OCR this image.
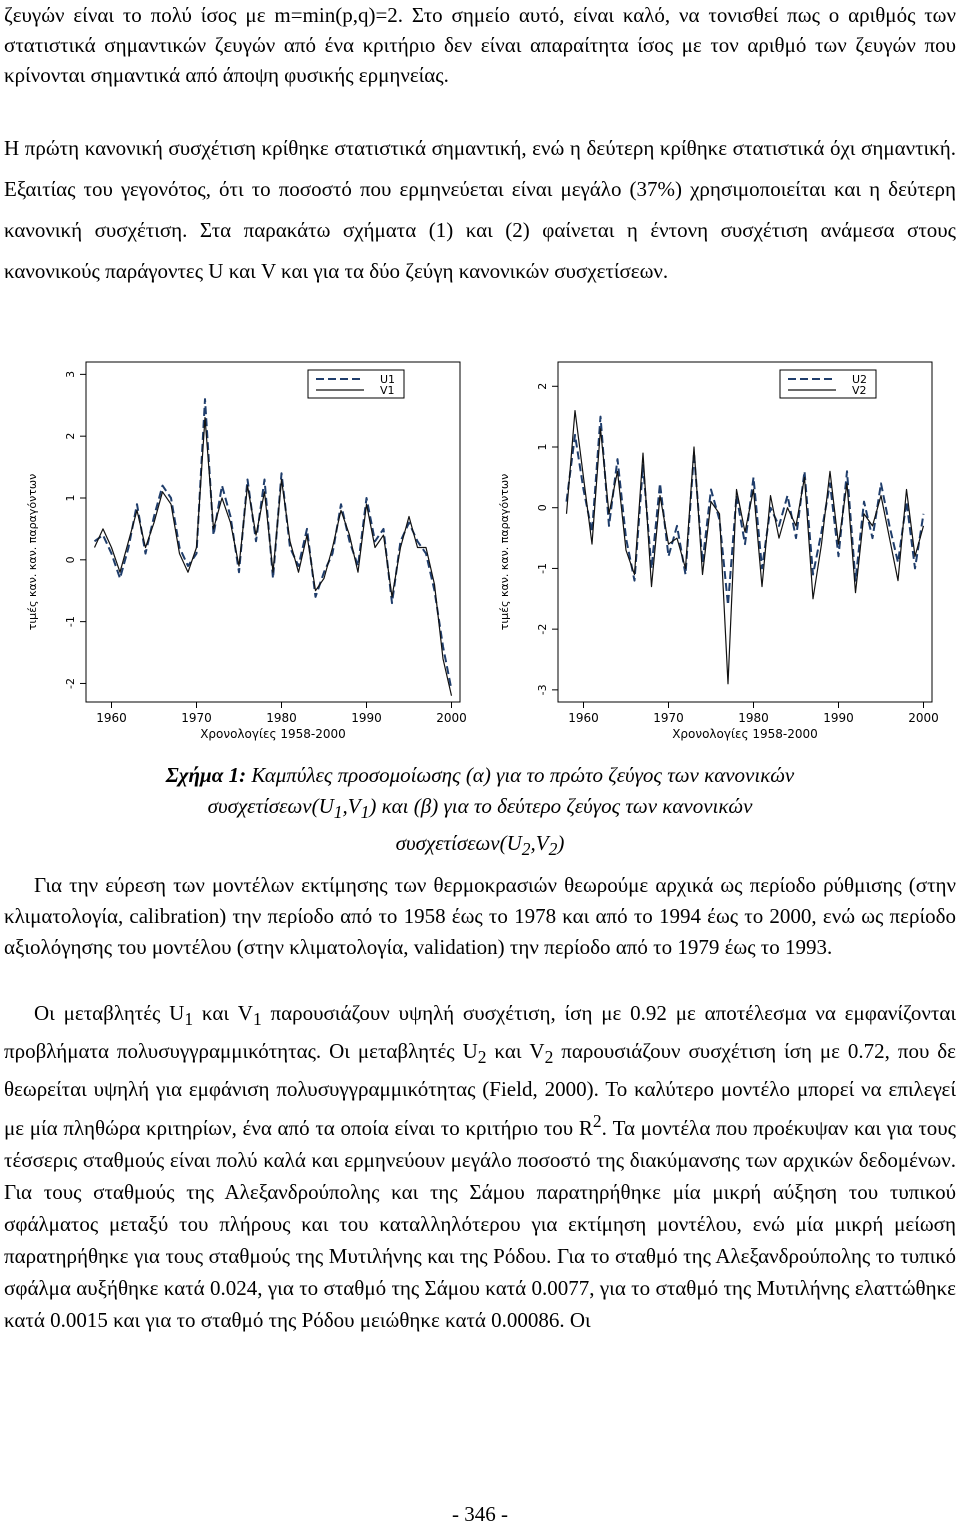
ζευγών είναι το πολύ ίσος με m=min(p,q)=2. Στο σημείο αυτό, είναι καλό, να τονισθεί πως ο αριθμός των στατιστικά σημαντικών ζευγών από ένα κριτήριο δεν είναι απαραίτητα ίσος με τον αριθμό των ζευγών που κρίνονται σημαντικά από άποψη φυσικής ερμηνείας.

Η πρώτη κανονική συσχέτιση κρίθηκε στατιστικά σημαντική, ενώ η δεύτερη κρίθηκε στατιστικά όχι σημαντική. Εξαιτίας του γεγονότος, ότι το ποσοστό που ερμηνεύεται είναι μεγάλο (37%) χρησιμοποιείται και η δεύτερη κανονική συσχέτιση. Στα παρακάτω σχήματα (1) και (2) φαίνεται η έντονη συσχέτιση ανάμεσα στους κανονικούς παράγοντες U και V και για τα δύο ζεύγη κανονικών συσχετίσεων.

-2
-1
0
1
2
3
1960	1970	1980	1990	2000
Χρονολογίες 1958-2000
τιμές καν. καν. παραγόντων
U1
V1
-3
-2
-1
0
1
2
1960	1970	1980	1990	2000
Χρονολογίες 1958-2000
τιμές καν. καν. παραγόντων
U2
V2
Σχήμα 1: Καμπύλες προσομοίωσης (α) για το πρώτο ζεύγος των κανονικών
$\sigma\upsilon\sigma\chi\varepsilon\tau ί\sigma\varepsilon\omega\nu(U_1,V_1)$ και (β) για το δεύτερο ζεύγος των κανονικών
$\sigma\upsilon\sigma\chi\varepsilon\tau ί\sigma\varepsilon\omega\nu(U_2,V_2)$

Για την εύρεση των μοντέλων εκτίμησης των θερμοκρασιών θεωρούμε αρχικά ως περίοδο ρύθμισης (στην κλιματολογία, calibration) την περίοδο από το 1958 έως το 1978 και από το 1994 έως το 2000, ενώ ως περίοδο αξιολόγησης του μοντέλου (στην κλιματολογία, validation) την περίοδο από το 1979 έως το 1993.

Οι μεταβλητές $U_1$ και $V_1$ παρουσιάζουν υψηλή συσχέτιση, ίση με 0.92 με αποτέλεσμα να εμφανίζονται προβλήματα πολυσυγγραμμικότητας. Οι μεταβλητές $U_2$ και $V_2$ παρουσιάζουν συσχέτιση ίση με 0.72, που δε θεωρείται υψηλή για εμφάνιση πολυσυγγραμμικότητας (Field, 2000). Το καλύτερο μοντέλο μπορεί να επιλεγεί με μία πληθώρα κριτηρίων, ένα από τα οποία είναι το κριτήριο του $R^2$. Τα μοντέλα που προέκυψαν και για τους τέσσερις σταθμούς είναι πολύ καλά και ερμηνεύουν μεγάλο ποσοστό της διακύμανσης των αρχικών δεδομένων. Για τους σταθμούς της Αλεξανδρούπολης και της Σάμου παρατηρήθηκε μία μικρή αύξηση του τυπικού σφάλματος μεταξύ του πλήρους και του καταλληλότερου για εκτίμηση μοντέλου, ενώ μία μικρή μείωση παρατηρήθηκε για τους σταθμούς της Μυτιλήνης και της Ρόδου. Για το σταθμό της Αλεξανδρούπολης το τυπικό σφάλμα αυξήθηκε κατά 0.024, για το σταθμό της Σάμου κατά 0.0077, για το σταθμό της Μυτιλήνης ελαττώθηκε κατά 0.0015 και για το σταθμό της Ρόδου μειώθηκε κατά 0.00086. Οι

- 346 -
